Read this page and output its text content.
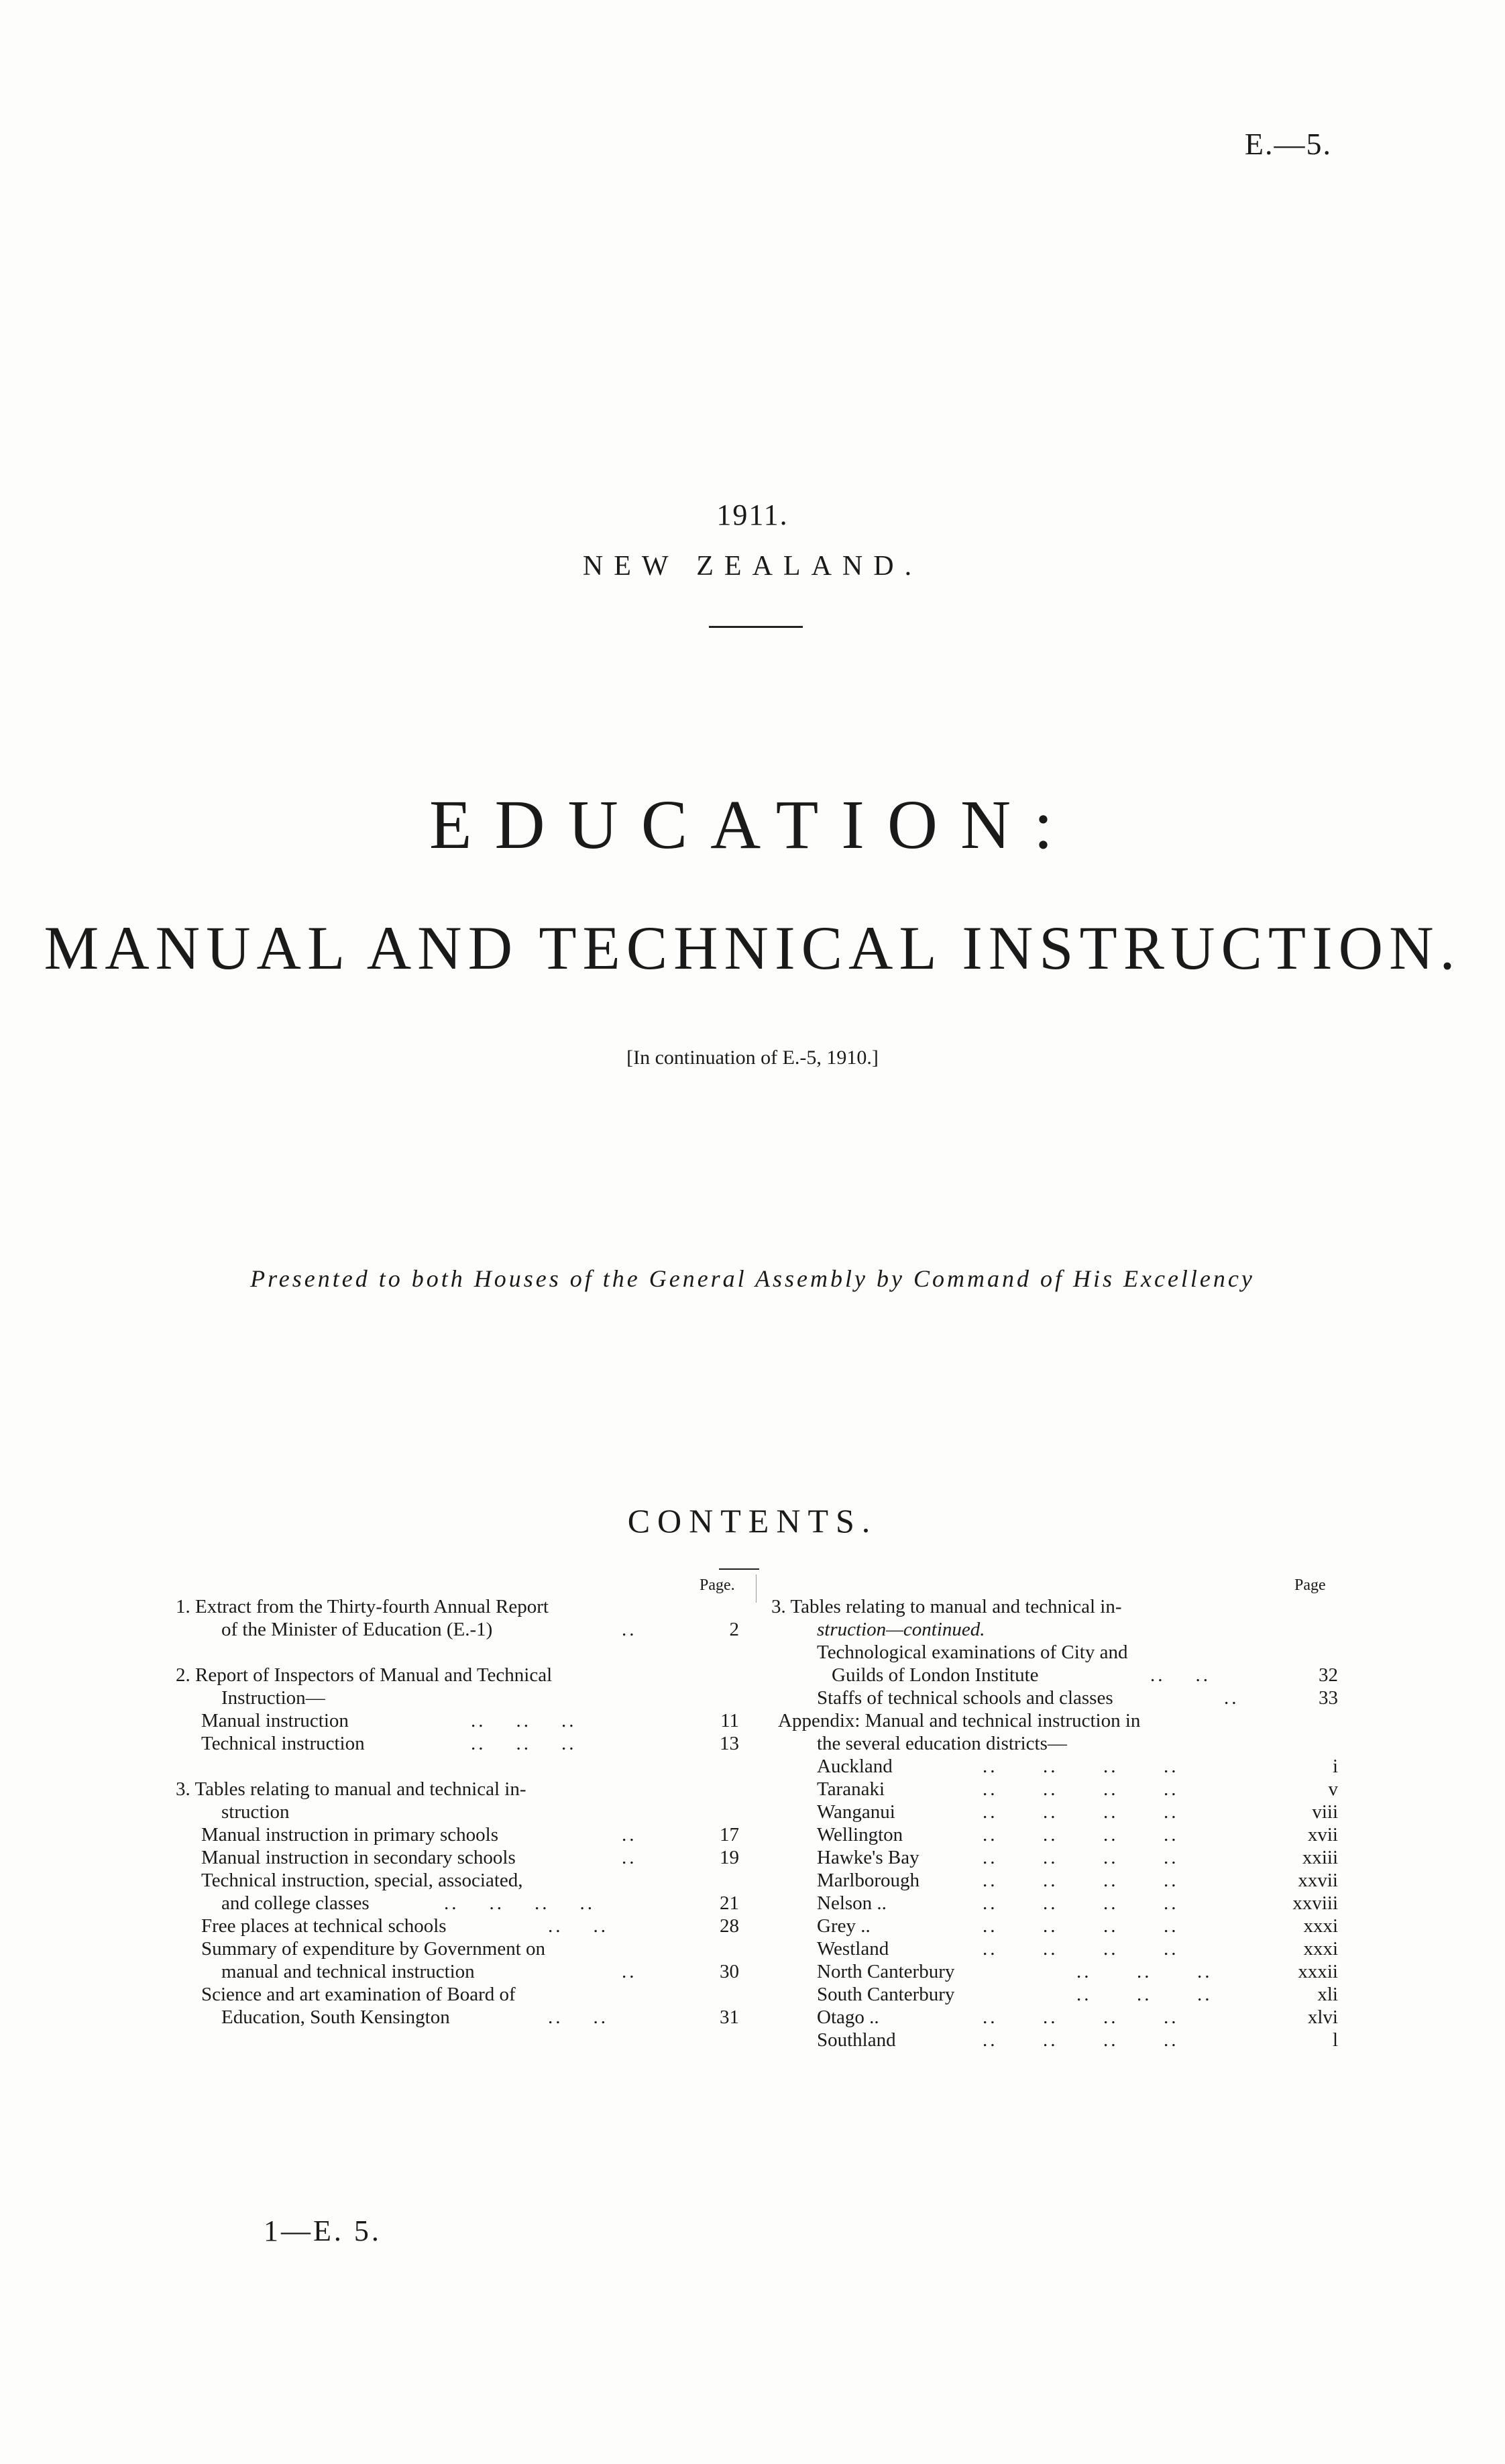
E.—5.
1911.
NEW ZEALAND.
EDUCATION:
MANUAL AND TECHNICAL INSTRUCTION.
[In continuation of E.-5, 1910.]
Presented to both Houses of the General Assembly by Command of His Excellency
CONTENTS.
Page.
1. Extract from the Thirty-fourth Annual Report
of the Minister of Education (E.-1)	..	2
2. Report of Inspectors of Manual and Technical
Instruction—
Manual instruction	..    ..    ..	11
Technical instruction	..    ..    ..	13
3. Tables relating to manual and technical in-
struction
Manual instruction in primary schools	..	17
Manual instruction in secondary schools	..	19
Technical instruction, special, associated,
and college classes	..    ..    ..    ..	21
Free places at technical schools	..    ..	28
Summary of expenditure by Government on
manual and technical instruction	..	30
Science and art examination of Board of
Education, South Kensington	..    ..	31
Page
3. Tables relating to manual and technical in-
struction—continued.
Technological examinations of City and
Guilds of London Institute	..    ..	32
Staffs of technical schools and classes	..	33
Appendix: Manual and technical instruction in
the several education districts—
Auckland	..      ..      ..      ..	i
Taranaki	..      ..      ..      ..	v
Wanganui	..      ..      ..      ..	viii
Wellington	..      ..      ..      ..	xvii
Hawke's Bay	..      ..      ..      ..	xxiii
Marlborough	..      ..      ..      ..	xxvii
Nelson ..	..      ..      ..      ..	xxviii
Grey ..	..      ..      ..      ..	xxxi
Westland	..      ..      ..      ..	xxxi
North Canterbury	..      ..      ..	xxxii
South Canterbury	..      ..      ..	xli
Otago ..	..      ..      ..      ..	xlvi
Southland	..      ..      ..      ..	l
1—E. 5.
